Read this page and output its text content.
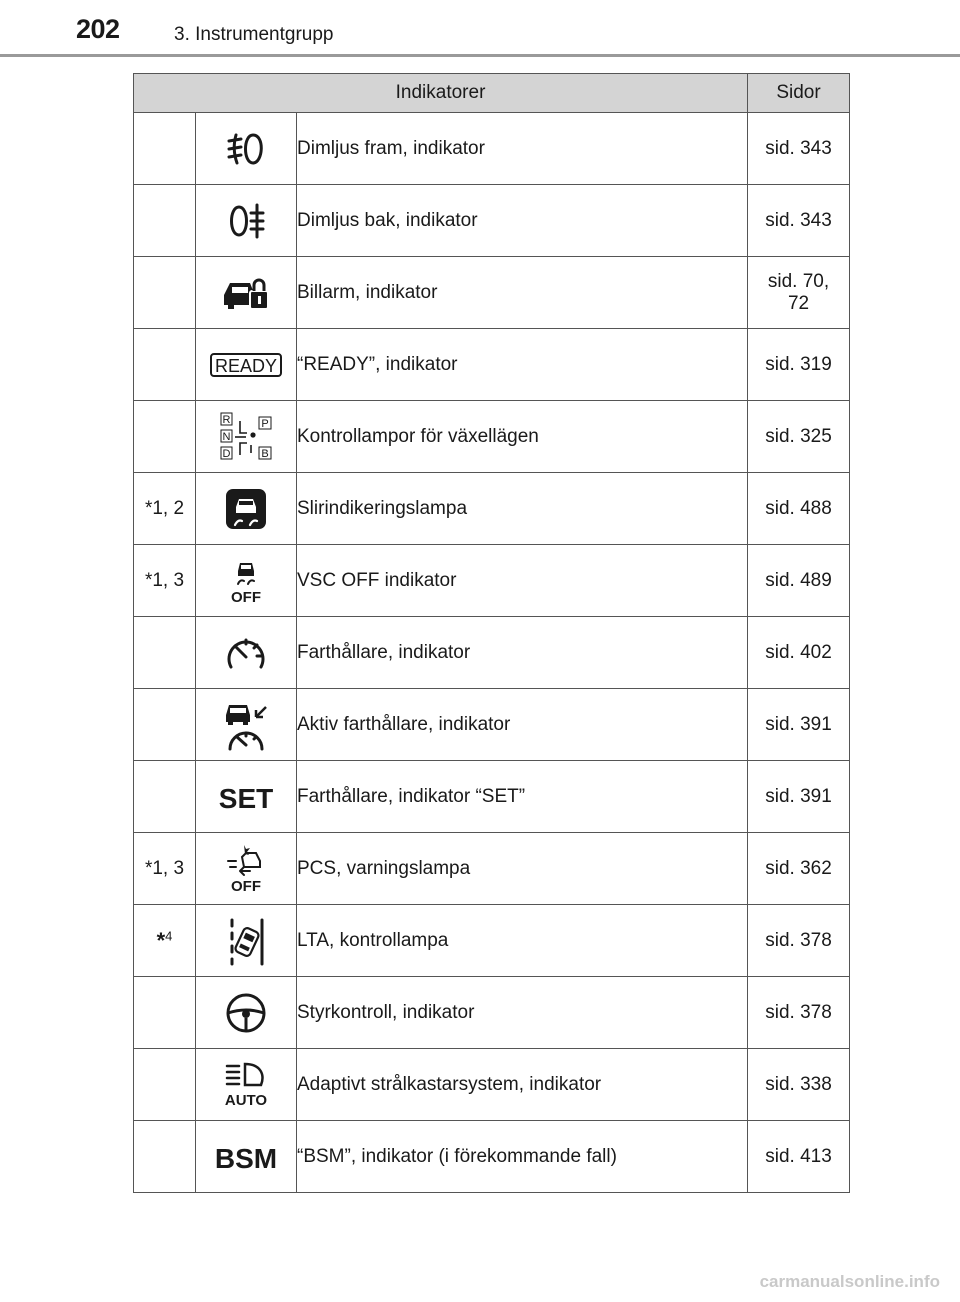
202	3. Instrumentgrupp
Indikatorer			Sidor

	Dimljus fram, indikator	sid. 343

	Dimljus bak, indikator	sid. 343

	Billarm, indikator	sid. 70,
72

READY	“READY”, indikator	sid. 319

R
N
D
P
B	Kontrollampor för växellägen	sid. 325
*1, 2		Slirindikeringslampa	sid. 488
*1, 3	OFF	VSC OFF indikator	sid. 489

	Farthållare, indikator	sid. 402

	Aktiv farthållare, indikator	sid. 391

SET	Farthållare, indikator “SET”	sid. 391
*1, 3	OFF	PCS, varningslampa	sid. 362
*$^4$		LTA, kontrollampa	sid. 378

	Styrkontroll, indikator	sid. 378

AUTO	Adaptivt strålkastarsystem, indikator	sid. 338

BSM	“BSM”, indikator (i förekommande fall)	sid. 413
carmanualsonline.info
